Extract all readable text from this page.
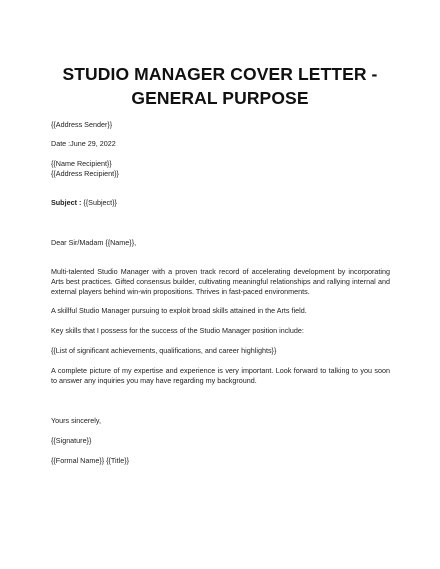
STUDIO MANAGER COVER LETTER -
GENERAL PURPOSE
{{Address Sender}}
Date :June 29, 2022
{{Name Recipient}}
{{Address Recipient}}
Subject : {{Subject}}
Dear Sir/Madam {{Name}},
Multi-talented Studio Manager with a proven track record of accelerating development by incorporating Arts best practices. Gifted consensus builder, cultivating meaningful relationships and rallying internal and external players behind win-win propositions. Thrives in fast-paced environments.
A skillful Studio Manager pursuing to exploit broad skills attained in the Arts field.
Key skills that I possess for the success of the Studio Manager position include:
{{List of significant achievements, qualifications, and career highlights}}
A complete picture of my expertise and experience is very important. Look forward to talking to you soon to answer any inquiries you may have regarding my background.
Yours sincerely,
{{Signature}}
{{Formal Name}} {{Title}}
